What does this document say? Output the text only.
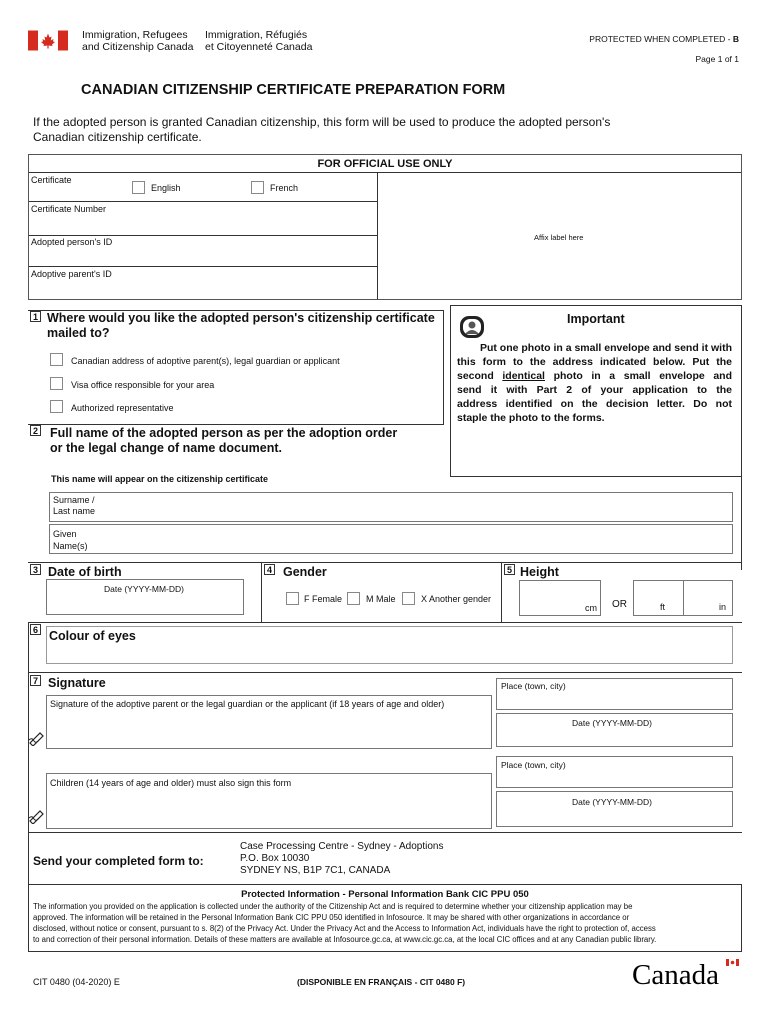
Immigration, Refugees
and Citizenship Canada
Immigration, Réfugiés
et Citoyenneté Canada
PROTECTED WHEN COMPLETED - B
Page 1 of 1
CANADIAN CITIZENSHIP CERTIFICATE PREPARATION FORM
If the adopted person is granted Canadian citizenship, this form will be used to produce the adopted person's
Canadian citizenship certificate.
FOR OFFICIAL USE ONLY
Certificate
English	French
Certificate Number
Adopted person's ID
Adoptive parent's ID
Affix label here
1 Where would you like the adopted person's citizenship certificate
mailed to?
Canadian address of adoptive parent(s), legal guardian or applicant
Visa office responsible for your area
Authorized representative
Important
Put one photo in a small envelope and send it with
this form to the address indicated below. Put the
second identical photo in a small envelope and
send it with Part 2 of your application to the
address identified on the decision letter. Do not
staple the photo to the forms.
2 Full name of the adopted person as per the adoption order
or the legal change of name document.
This name will appear on the citizenship certificate
Surname /
Last name
Given
Name(s)
3 Date of birth
Date (YYYY-MM-DD)
4 Gender
F Female	M Male	X Another gender
5 Height
cm OR	ft	in
6 Colour of eyes
7 Signature
Signature of the adoptive parent or the legal guardian or the applicant (if 18 years of age and older)
Place (town, city)
Date (YYYY-MM-DD)
Children (14 years of age and older) must also sign this form
Place (town, city)
Date (YYYY-MM-DD)
Send your completed form to:
Case Processing Centre - Sydney - Adoptions
P.O. Box 10030
SYDNEY NS, B1P 7C1, CANADA
Protected Information - Personal Information Bank CIC PPU 050
The information you provided on the application is collected under the authority of the Citizenship Act and is required to determine whether your citizenship application may be
approved. The information will be retained in the Personal Information Bank CIC PPU 050 identified in Infosource. It may be shared with other organizations in accordance or
disclosed, without notice or consent, pursuant to s. 8(2) of the Privacy Act. Under the Privacy Act and the Access to Information Act, individuals have the right to protection of, access
to and correction of their personal information. Details of these matters are available at Infosource.gc.ca, at www.cic.gc.ca, at the local CIC offices and at any Canadian public library.
CIT 0480 (04-2020) E	(DISPONIBLE EN FRANÇAIS - CIT 0480 F)	Canada
